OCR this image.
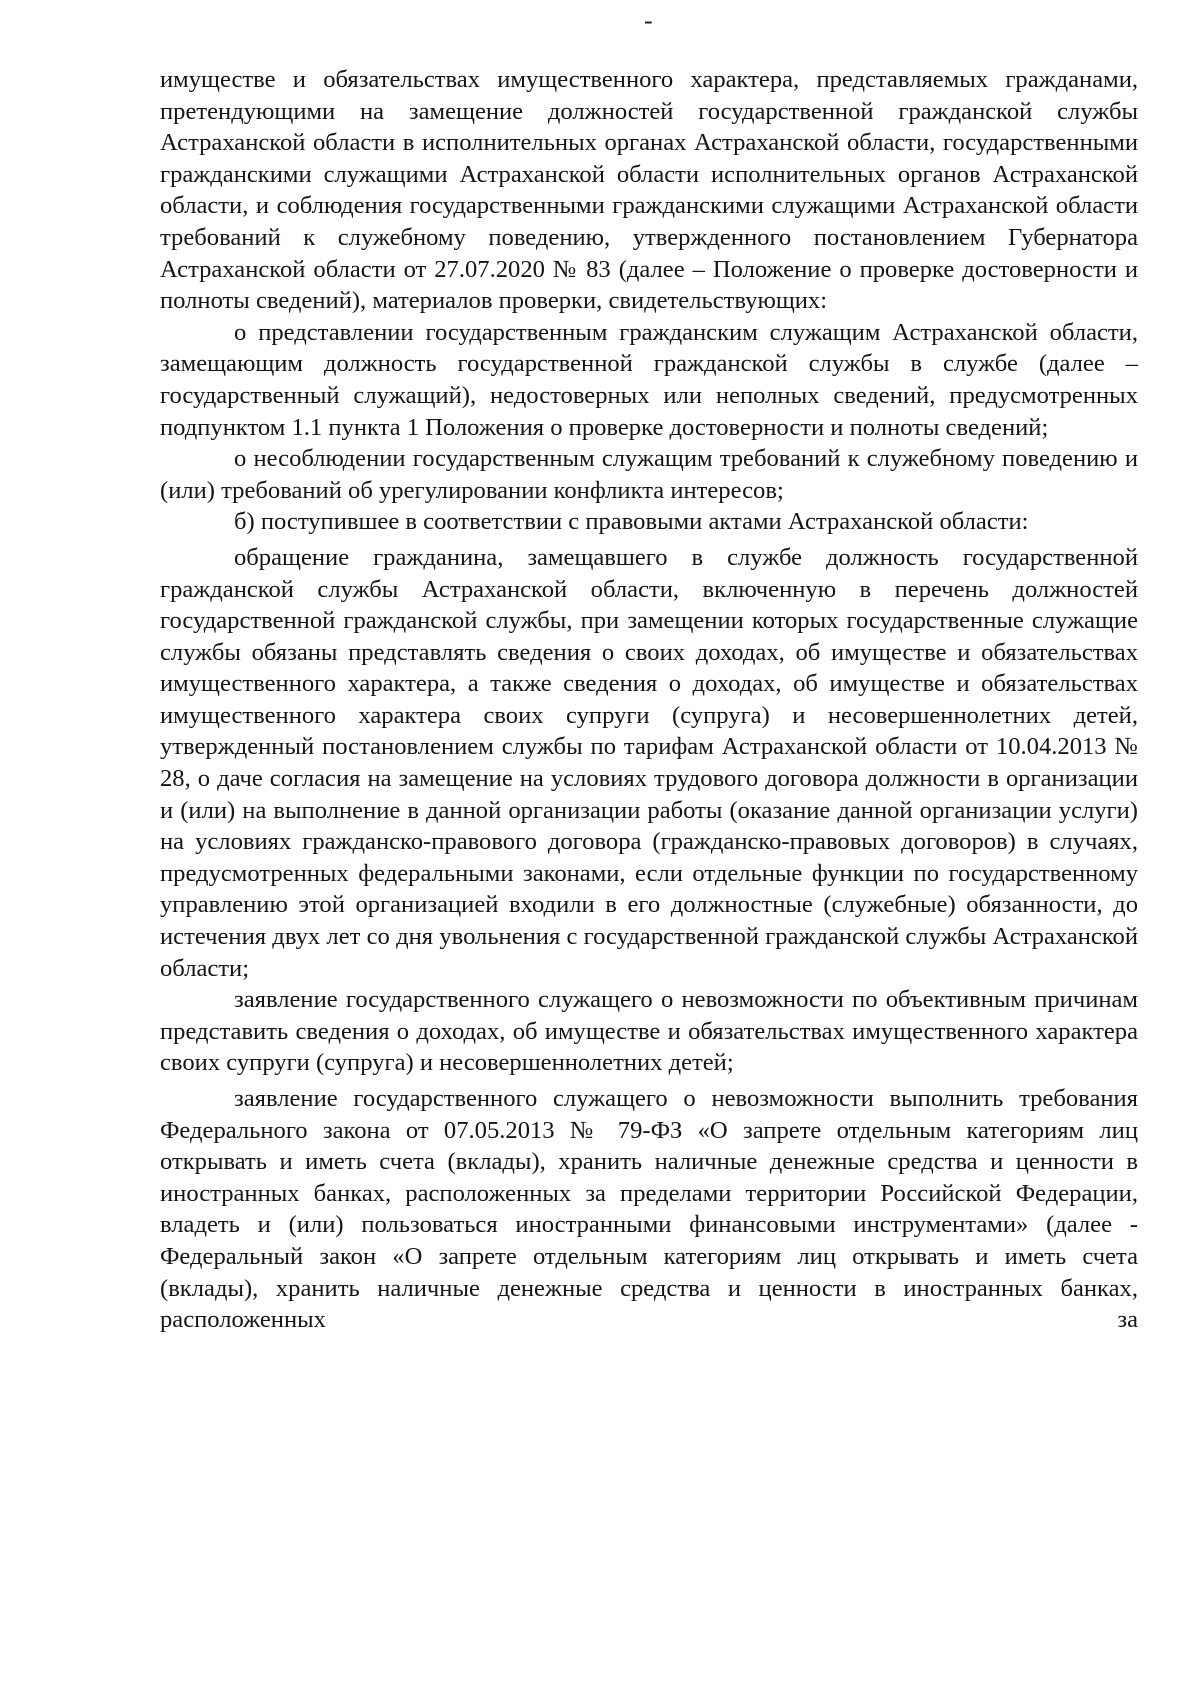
-

имуществе и обязательствах имущественного характера, представляемых гражданами, претендующими на замещение должностей государственной гражданской службы Астраханской области в исполнительных органах Астраханской области, государственными гражданскими служащими Астраханской области исполнительных органов Астраханской области, и соблюдения государственными гражданскими служащими Астраханской области требований к служебному поведению, утвержденного постановлением Губернатора Астраханской области от 27.07.2020 № 83 (далее – Положение о проверке достоверности и полноты сведений), материалов проверки, свидетельствующих:

о представлении государственным гражданским служащим Астраханской области, замещающим должность государственной гражданской службы в службе (далее – государственный служащий), недостоверных или неполных сведений, предусмотренных подпунктом 1.1 пункта 1 Положения о проверке достоверности и полноты сведений;

о несоблюдении государственным служащим требований к служебному поведению и (или) требований об урегулировании конфликта интересов;

б) поступившее в соответствии с правовыми актами Астраханской области:

обращение гражданина, замещавшего в службе должность государственной гражданской службы Астраханской области, включенную в перечень должностей государственной гражданской службы, при замещении которых государственные служащие службы обязаны представлять сведения о своих доходах, об имуществе и обязательствах имущественного характера, а также сведения о доходах, об имуществе и обязательствах имущественного характера своих супруги (супруга) и несовершеннолетних детей, утвержденный постановлением службы по тарифам Астраханской области от 10.04.2013 № 28, о даче согласия на замещение на условиях трудового договора должности в организации и (или) на выполнение в данной организации работы (оказание данной организации услуги) на условиях гражданско-правового договора (гражданско-правовых договоров) в случаях, предусмотренных федеральными законами, если отдельные функции по государственному управлению этой организацией входили в его должностные (служебные) обязанности, до истечения двух лет со дня увольнения с государственной гражданской службы Астраханской области;

заявление государственного служащего о невозможности по объективным причинам представить сведения о доходах, об имуществе и обязательствах имущественного характера своих супруги (супруга) и несовершеннолетних детей;

заявление государственного служащего о невозможности выполнить требования Федерального закона от 07.05.2013 № 79-ФЗ «О запрете отдельным категориям лиц открывать и иметь счета (вклады), хранить наличные денежные средства и ценности в иностранных банках, расположенных за пределами территории Российской Федерации, владеть и (или) пользоваться иностранными финансовыми инструментами» (далее - Федеральный закон «О запрете отдельным категориям лиц открывать и иметь счета (вклады), хранить наличные денежные средства и ценности в иностранных банках, расположенных за
